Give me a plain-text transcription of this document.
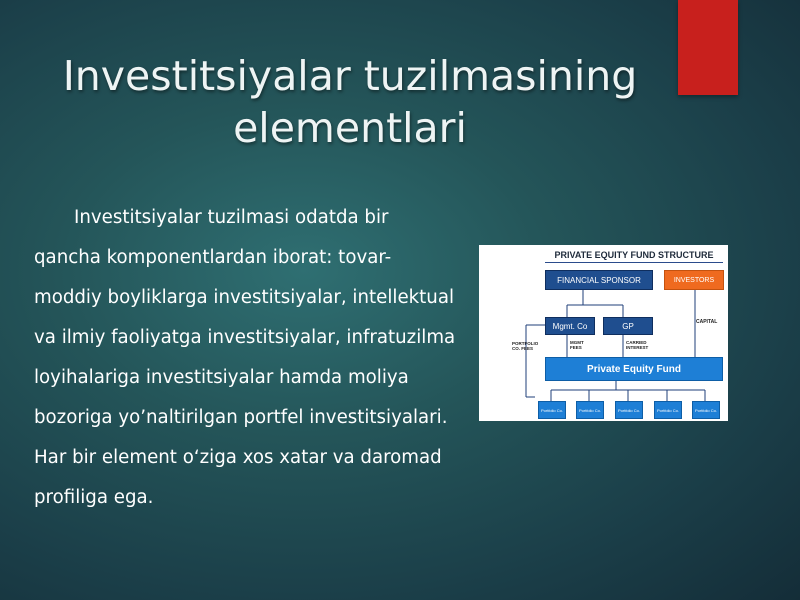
Investitsiyalar tuzilmasining
elementlari
Investitsiyalar tuzilmasi odatda bir qancha komponentlardan iborat: tovar-moddiy boyliklarga investitsiyalar, intellektual va ilmiy faoliyatga investitsiyalar, infratuzilma loyihalariga investitsiyalar hamda moliya bozoriga yo’naltirilgan portfel investitsiyalari. Har bir element o‘ziga xos xatar va daromad profiliga ega.
PRIVATE EQUITY FUND STRUCTURE
FINANCIAL SPONSOR	INVESTORS
Mgmt. Co	GP	CAPITAL
PORTFOLIO CO. FEES
MGMT FEES
CARRIED INTEREST
Private Equity Fund
Portfolio Co.	Portfolio Co.	Portfolio Co.	Portfolio Co.	Portfolio Co.
